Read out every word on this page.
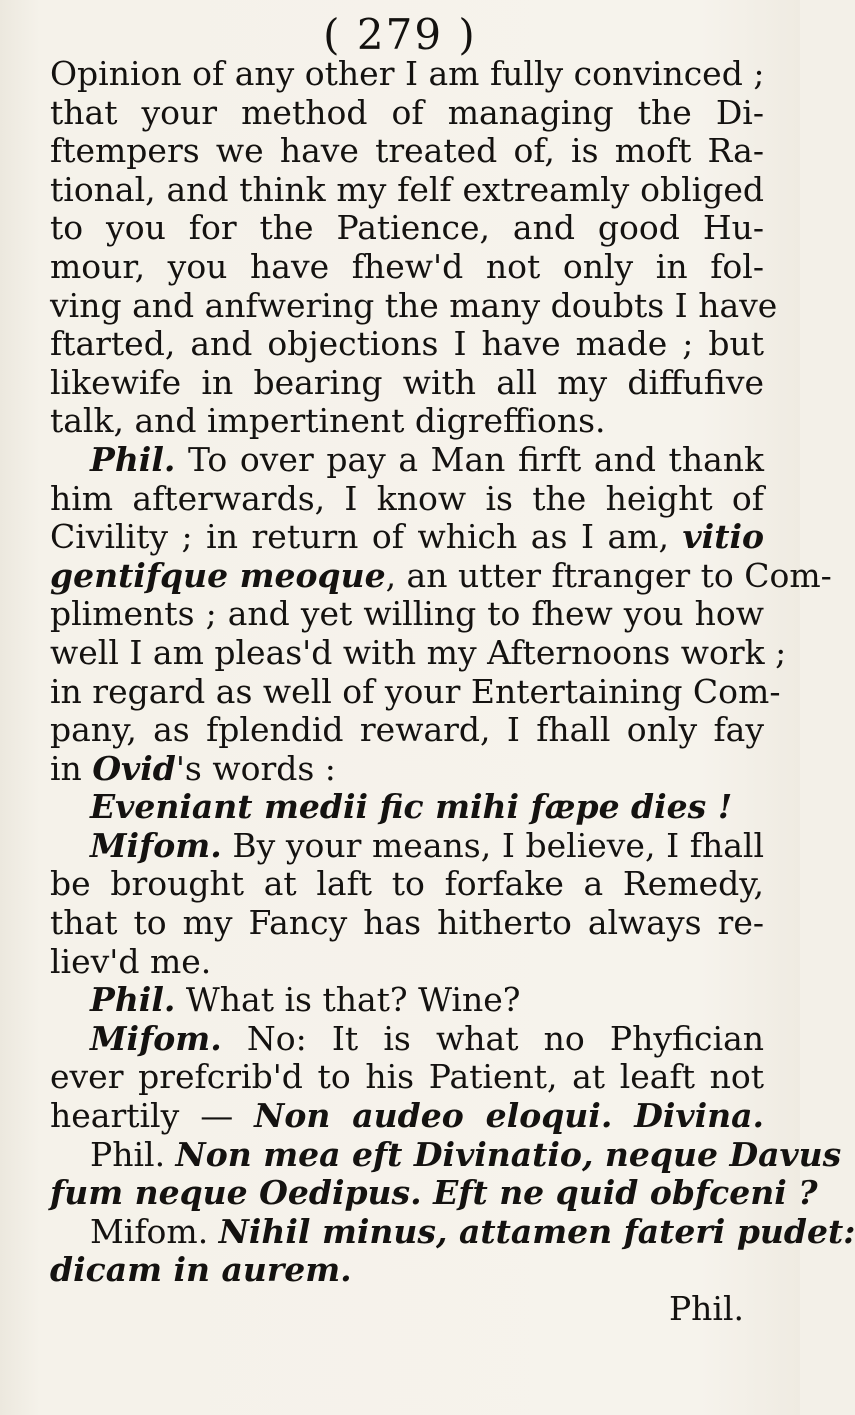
( 279 )
Opinion of any other I am fully convinced ;
that your method of managing the Di-
ftempers we have treated of, is moft Ra-
tional, and think my felf extreamly obliged
to you for the Patience, and good Hu-
mour, you have fhew'd not only in fol-
ving and anfwering the many doubts I have
ftarted, and objections I have made ; but
likewife in bearing with all my diffufive
talk, and impertinent digreffions.
Phil. To over pay a Man firft and thank
him afterwards, I know is the height of
Civility ; in return of which as I am, vitio
gentifque meoque, an utter ftranger to Com-
pliments ; and yet willing to fhew you how
well I am pleas'd with my Afternoons work ;
in regard as well of your Entertaining Com-
pany, as fplendid reward, I fhall only fay
in Ovid's words :
Eveniant medii fic mihi fæpe dies !
Mifom. By your means, I believe, I fhall
be brought at laft to forfake a Remedy,
that to my Fancy has hitherto always re-
liev'd me.
Phil. What is that? Wine?
Mifom. No: It is what no Phyfician
ever prefcrib'd to his Patient, at leaft not
heartily — Non audeo eloqui. Divina.
Phil. Non mea eft Divinatio, neque Davus
fum neque Oedipus. Eft ne quid obfceni ?
Mifom. Nihil minus, attamen fateri pudet:
dicam in aurem.
Phil.
